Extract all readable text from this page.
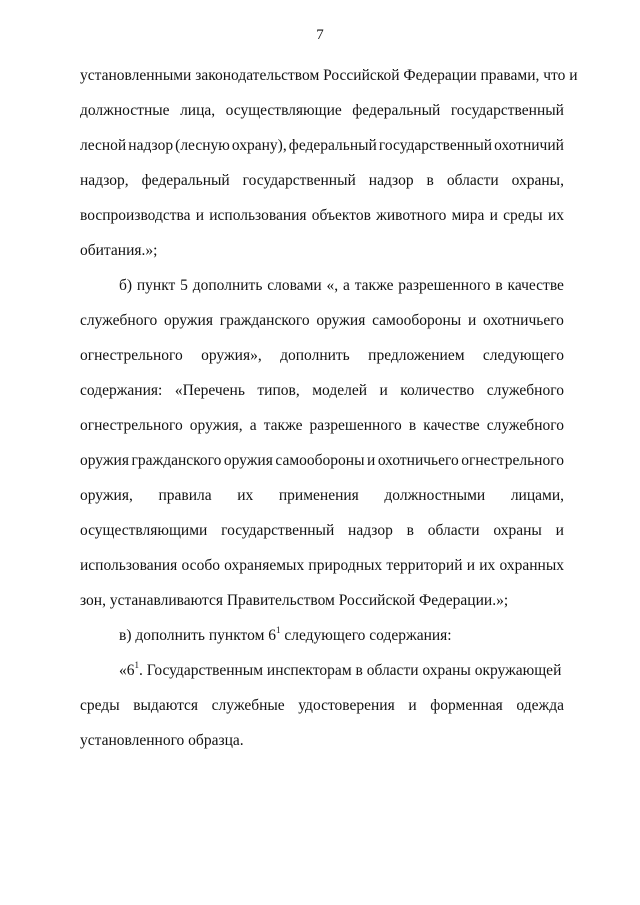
7
установленными законодательством Российской Федерации правами, что и
должностные лица, осуществляющие федеральный государственный
лесной надзор (лесную охрану), федеральный государственный охотничий
надзор, федеральный государственный надзор в области охраны,
воспроизводства и использования объектов животного мира и среды их
обитания.»;
б) пункт 5 дополнить словами «, а также разрешенного в качестве
служебного оружия гражданского оружия самообороны и охотничьего
огнестрельного оружия», дополнить предложением следующего
содержания: «Перечень типов, моделей и количество служебного
огнестрельного оружия, а также разрешенного в качестве служебного
оружия гражданского оружия самообороны и охотничьего огнестрельного
оружия, правила их применения должностными лицами,
осуществляющими государственный надзор в области охраны и
использования особо охраняемых природных территорий и их охранных
зон, устанавливаются Правительством Российской Федерации.»;
в) дополнить пунктом $6^1$ следующего содержания:
«$6^1$. Государственным инспекторам в области охраны окружающей
среды выдаются служебные удостоверения и форменная одежда
установленного образца.
